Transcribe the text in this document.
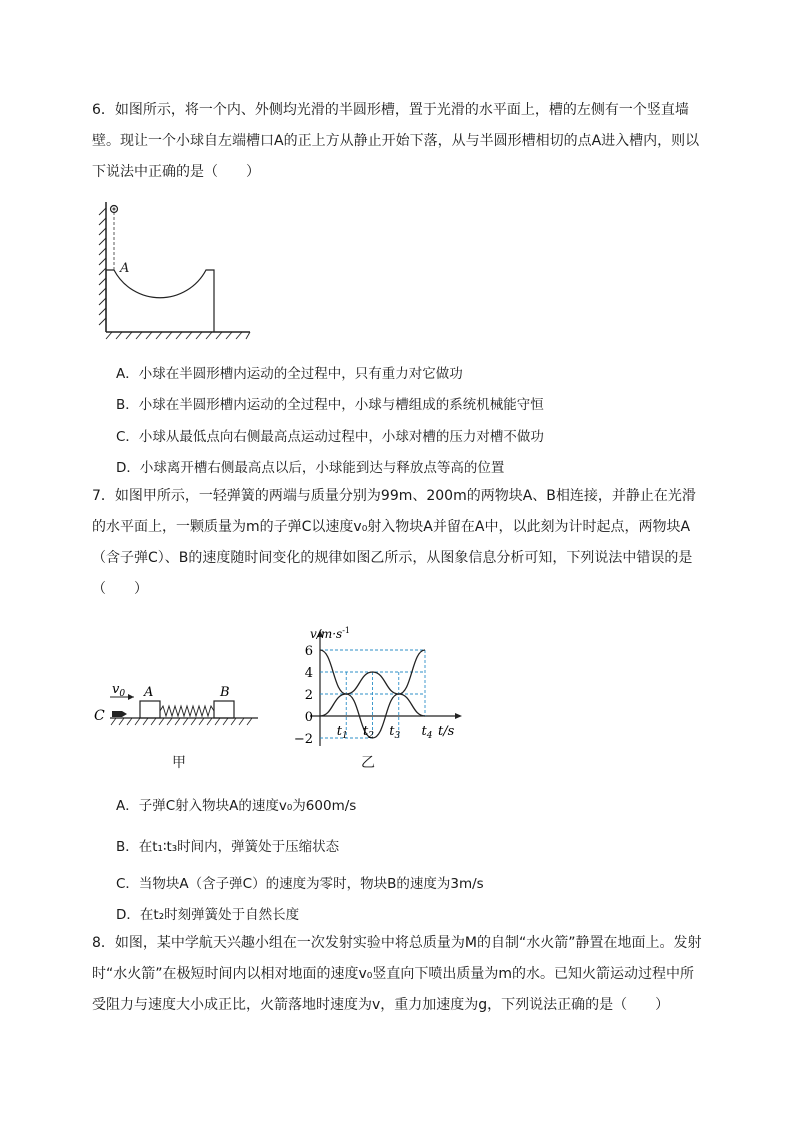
6．如图所示，将一个内、外侧均光滑的半圆形槽，置于光滑的水平面上，槽的左侧有一个竖直墙壁。现让一个小球自左端槽口A的正上方从静止开始下落，从与半圆形槽相切的点A进入槽内，则以下说法中正确的是（　　）

A

A．小球在半圆形槽内运动的全过程中，只有重力对它做功

B．小球在半圆形槽内运动的全过程中，小球与槽组成的系统机械能守恒

C．小球从最低点向右侧最高点运动过程中，小球对槽的压力对槽不做功

D．小球离开槽右侧最高点以后，小球能到达与释放点等高的位置

7．如图甲所示，一轻弹簧的两端与质量分别为99m、200m的两物块A、B相连接，并静止在光滑的水平面上，一颗质量为m的子弹C以速度v₀射入物块A并留在A中，以此刻为计时起点，两物块A（含子弹C）、B的速度随时间变化的规律如图乙所示，从图象信息分析可知，下列说法中错误的是（　　）

$v_0$
C
A	B
甲
6
4
2
0
−2
$t_1$ $t_2$ $t_3$ $t_4$
$v/m\cdot s^{-1}$
t/s
乙

A．子弹C射入物块A的速度v₀为600m/s

B．在t₁∶t₃时间内，弹簧处于压缩状态

C．当物块A（含子弹C）的速度为零时，物块B的速度为3m/s

D．在t₂时刻弹簧处于自然长度

8．如图，某中学航天兴趣小组在一次发射实验中将总质量为M的自制“水火箭”静置在地面上。发射时“水火箭”在极短时间内以相对地面的速度v₀竖直向下喷出质量为m的水。已知火箭运动过程中所受阻力与速度大小成正比，火箭落地时速度为v，重力加速度为g，下列说法正确的是（　　）
